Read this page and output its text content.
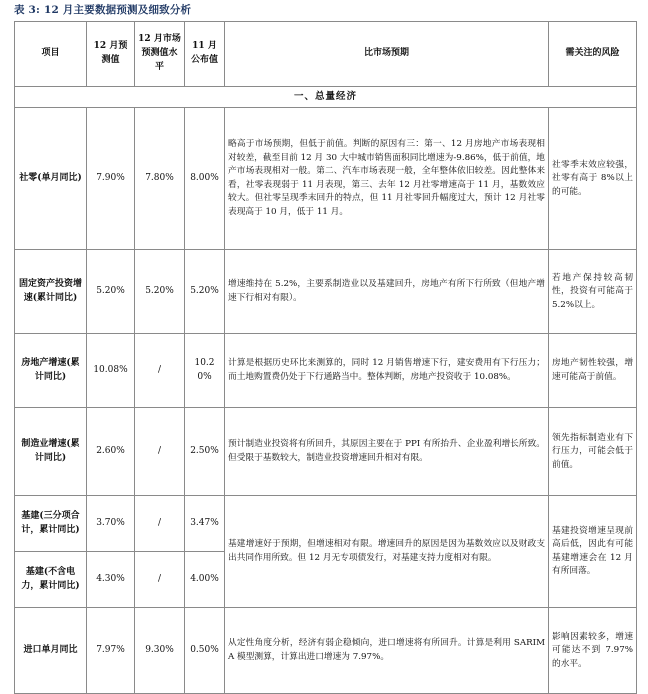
表 3: 12 月主要数据预测及细致分析
项目	12 月预测值	12 月市场预测值水平	11 月公布值	比市场预期	需关注的风险
一、总量经济					
社零(单月同比)	7.90%	7.80%	8.00%	略高于市场预期，但低于前值。判断的原因有三：第一、12 月房地产市场表现相对较差，截至目前 12 月 30 大中城市销售面积同比增速为-9.86%，低于前值，地产市场表现相对一般。第二、汽车市场表现一般，全年整体依旧较差。因此整体来看，社零表现弱于 11 月表现，第三、去年 12 月社零增速高于 11 月，基数效应较大。但社零呈现季末回升的特点，但 11 月社零回升幅度过大，预计 12 月社零表现高于 10 月，低于 11 月。	社零季末效应较强，社零有高于 8%以上的可能。
固定资产投资增速(累计同比)	5.20%	5.20%	5.20%	增速维持在 5.2%，主要系制造业以及基建回升，房地产有所下行所致（但地产增速下行相对有限）。	若地产保持较高韧性，投资有可能高于 5.2%以上。
房地产增速(累计同比)	10.08%	/	10.20%	计算是根据历史环比来测算的，同时 12 月销售增速下行，建安费用有下行压力；而土地购置费仍处于下行通路当中。整体判断，房地产投资收于 10.08%。	房地产韧性较强，增速可能高于前值。
制造业增速(累计同比)	2.60%	/	2.50%	预计制造业投资将有所回升，其原因主要在于 PPI 有所抬升、企业盈利增长所致。但受限于基数较大，制造业投资增速回升相对有限。	领先指标制造业有下行压力，可能会低于前值。
基建(三分项合计，累计同比)	3.70%	/	3.47%	基建增速好于预期，但增速相对有限。增速回升的原因是因为基数效应以及财政支出共同作用所致。但 12 月无专项债发行，对基建支持力度相对有限。	基建投资增速呈现前高后低，因此有可能基建增速会在 12 月有所回落。
基建(不含电力，累计同比)	4.30%	/	4.00%		
进口单月同比	7.97%	9.30%	0.50%	从定性角度分析，经济有弱企稳倾向，进口增速将有所回升。计算是利用 SARIMA 模型测算，计算出进口增速为 7.97%。	影响因素较多，增速可能达不到 7.97%的水平。
